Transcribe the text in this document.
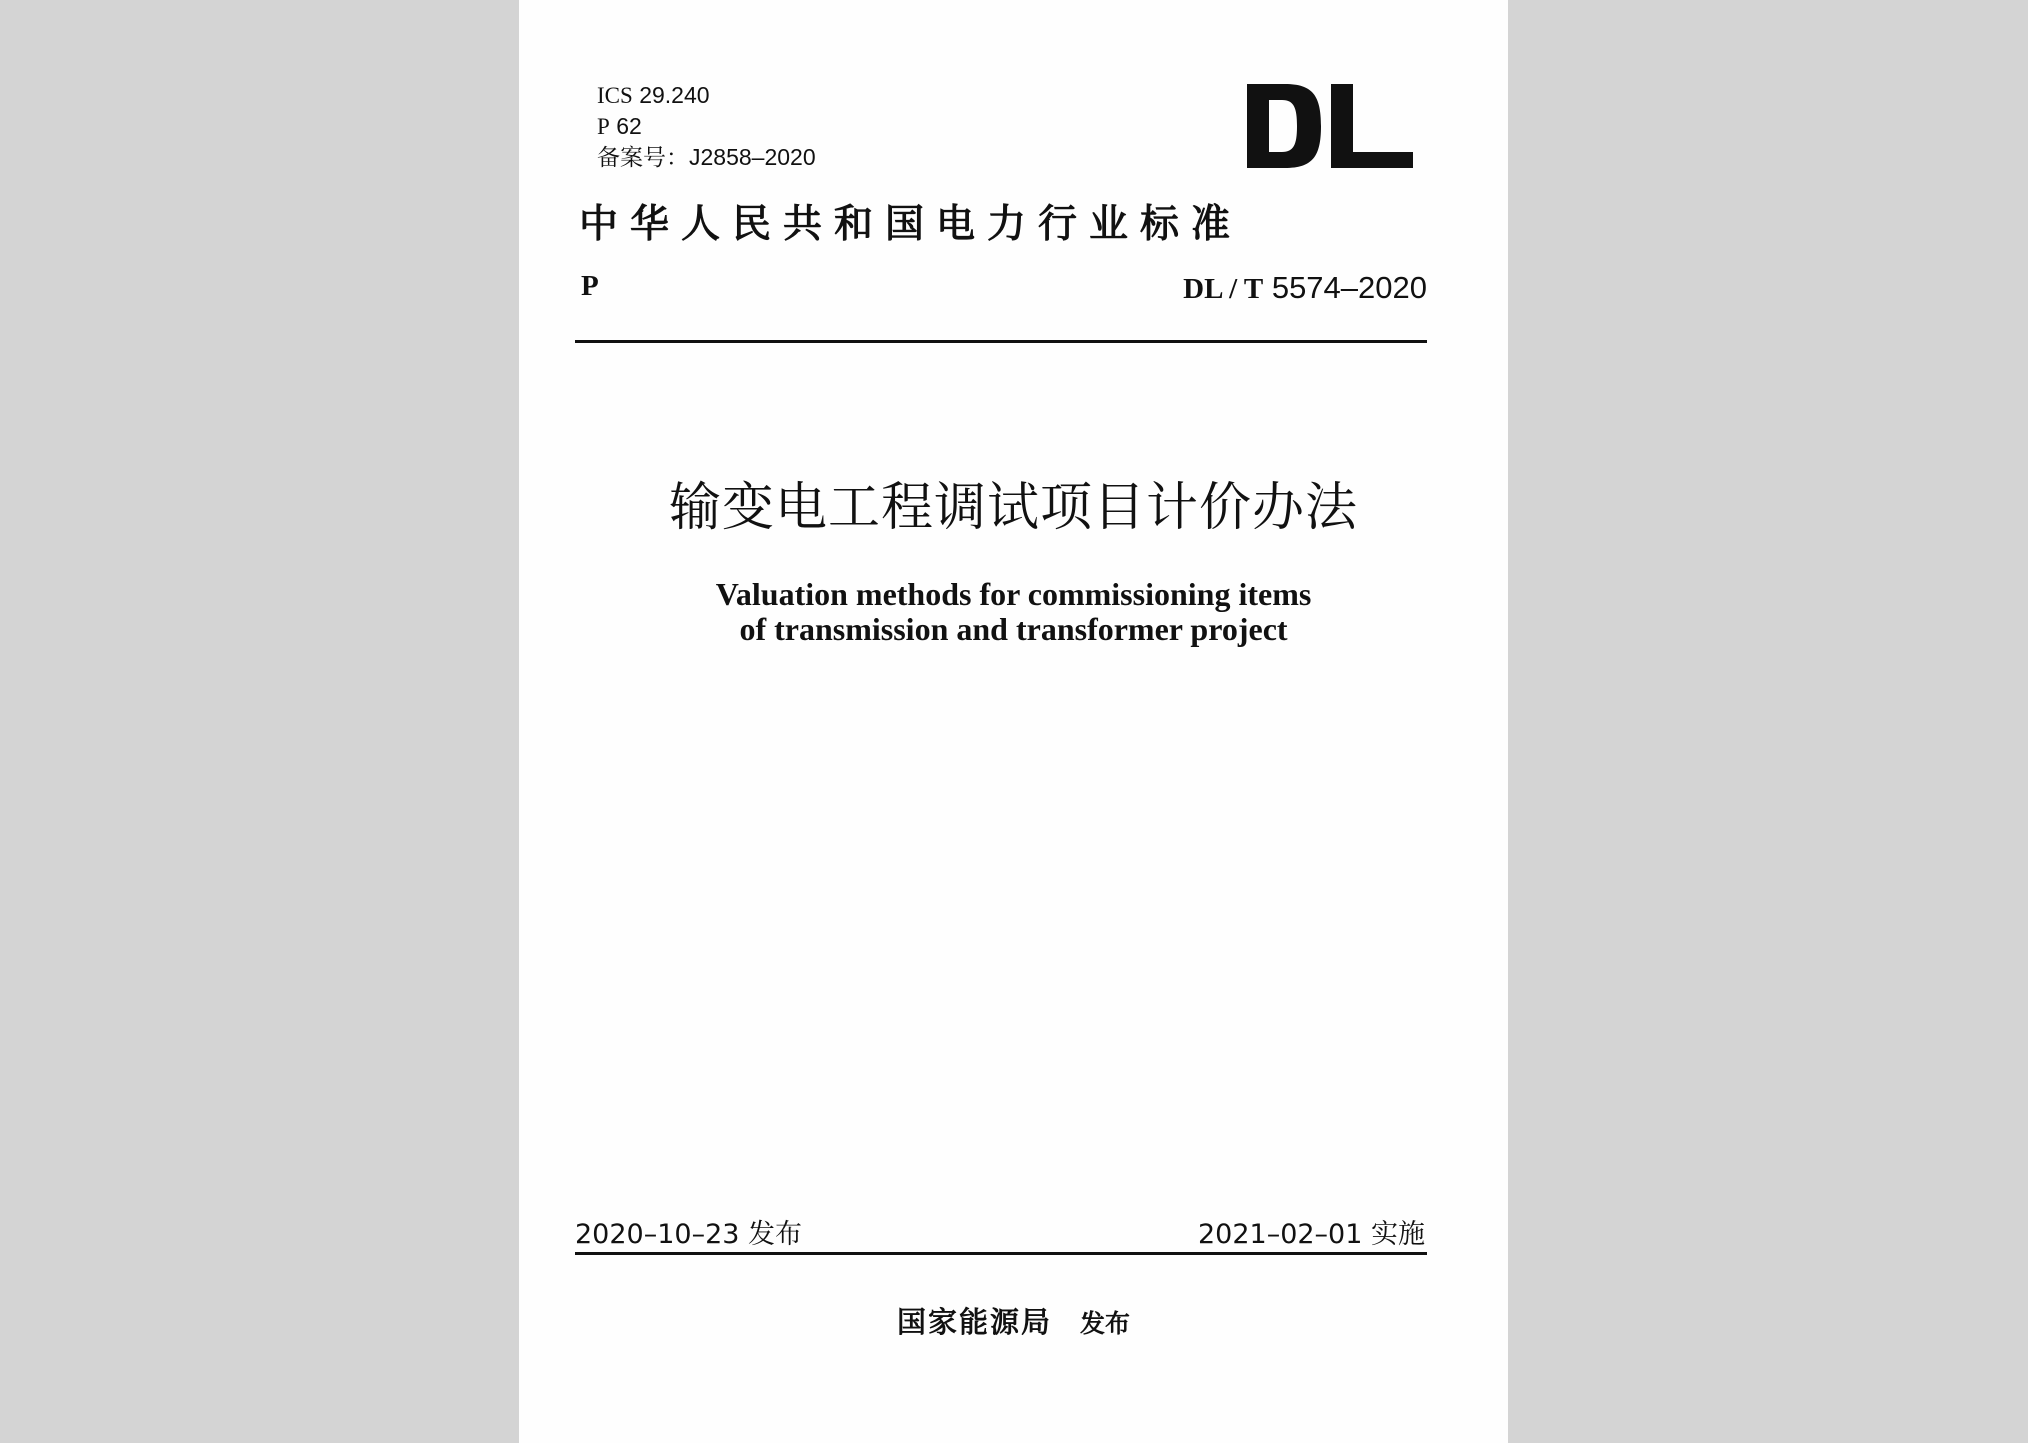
ICS 29.240
P 62
备案号：J2858–2020
中华人民共和国电力行业标准
P	DL / T 5574–2020
输变电工程调试项目计价办法
Valuation methods for commissioning items
of transmission and transformer project
2020–10–23 发布	2021–02–01 实施
国家能源局 发布
